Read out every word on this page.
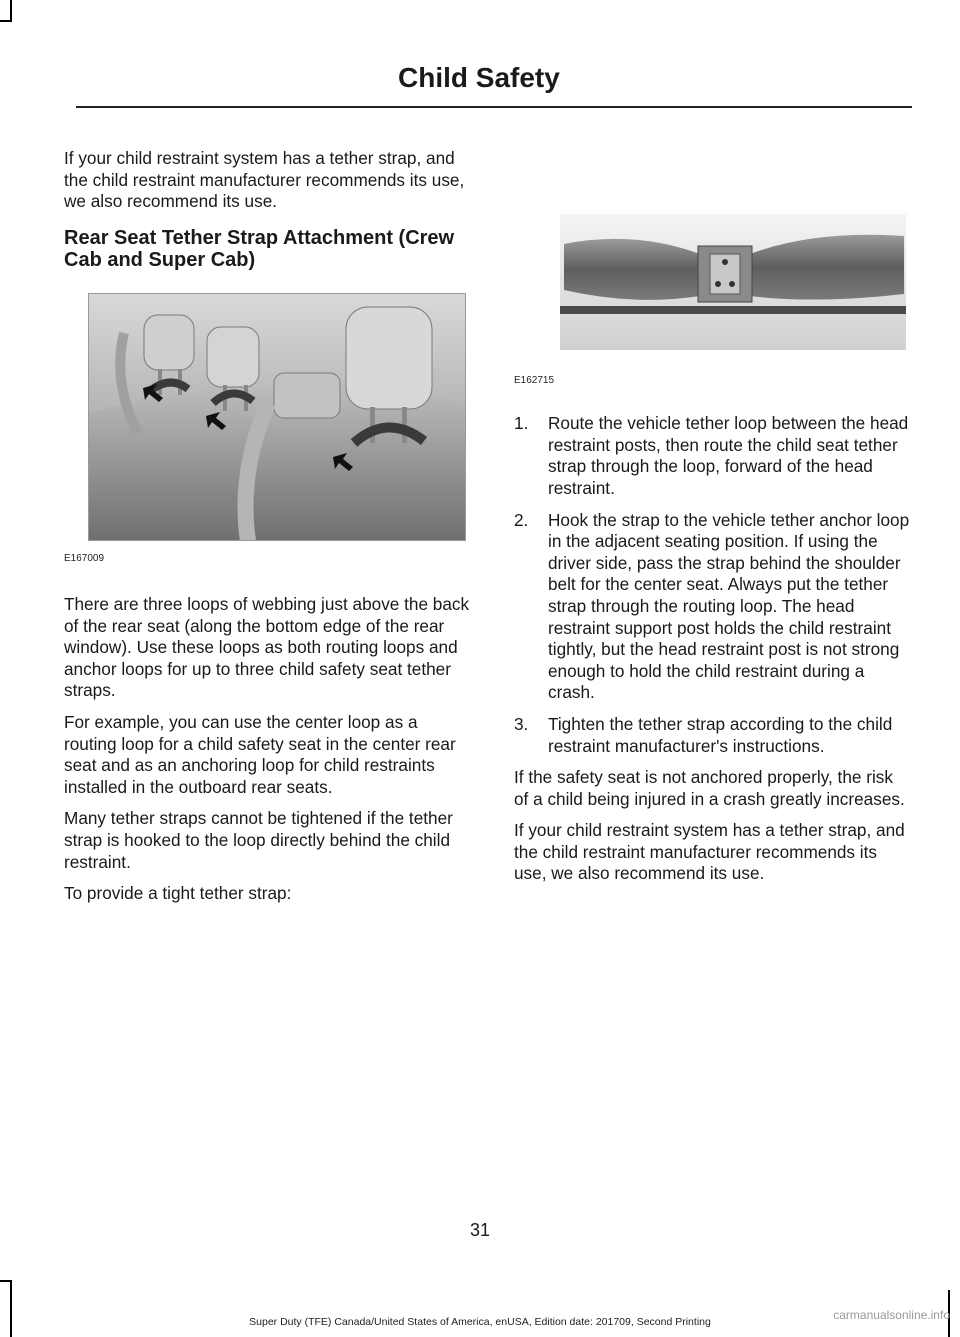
Child Safety

If your child restraint system has a tether strap, and the child restraint manufacturer recommends its use, we also recommend its use.

Rear Seat Tether Strap Attachment (Crew Cab and Super Cab)
E167009

There are three loops of webbing just above the back of the rear seat (along the bottom edge of the rear window). Use these loops as both routing loops and anchor loops for up to three child safety seat tether straps.

For example, you can use the center loop as a routing loop for a child safety seat in the center rear seat and as an anchoring loop for child restraints installed in the outboard rear seats.

Many tether straps cannot be tightened if the tether strap is hooked to the loop directly behind the child restraint.

To provide a tight tether strap:

E162715
1. Route the vehicle tether loop between the head restraint posts, then route the child seat tether strap through the loop, forward of the head restraint.
2. Hook the strap to the vehicle tether anchor loop in the adjacent seating position. If using the driver side, pass the strap behind the shoulder belt for the center seat. Always put the tether strap through the routing loop. The head restraint support post holds the child restraint tightly, but the head restraint post is not strong enough to hold the child restraint during a crash.
3. Tighten the tether strap according to the child restraint manufacturer's instructions.

If the safety seat is not anchored properly, the risk of a child being injured in a crash greatly increases.

If your child restraint system has a tether strap, and the child restraint manufacturer recommends its use, we also recommend its use.

31
Super Duty (TFE) Canada/United States of America, enUSA, Edition date: 201709, Second Printing	carmanualsonline.info
